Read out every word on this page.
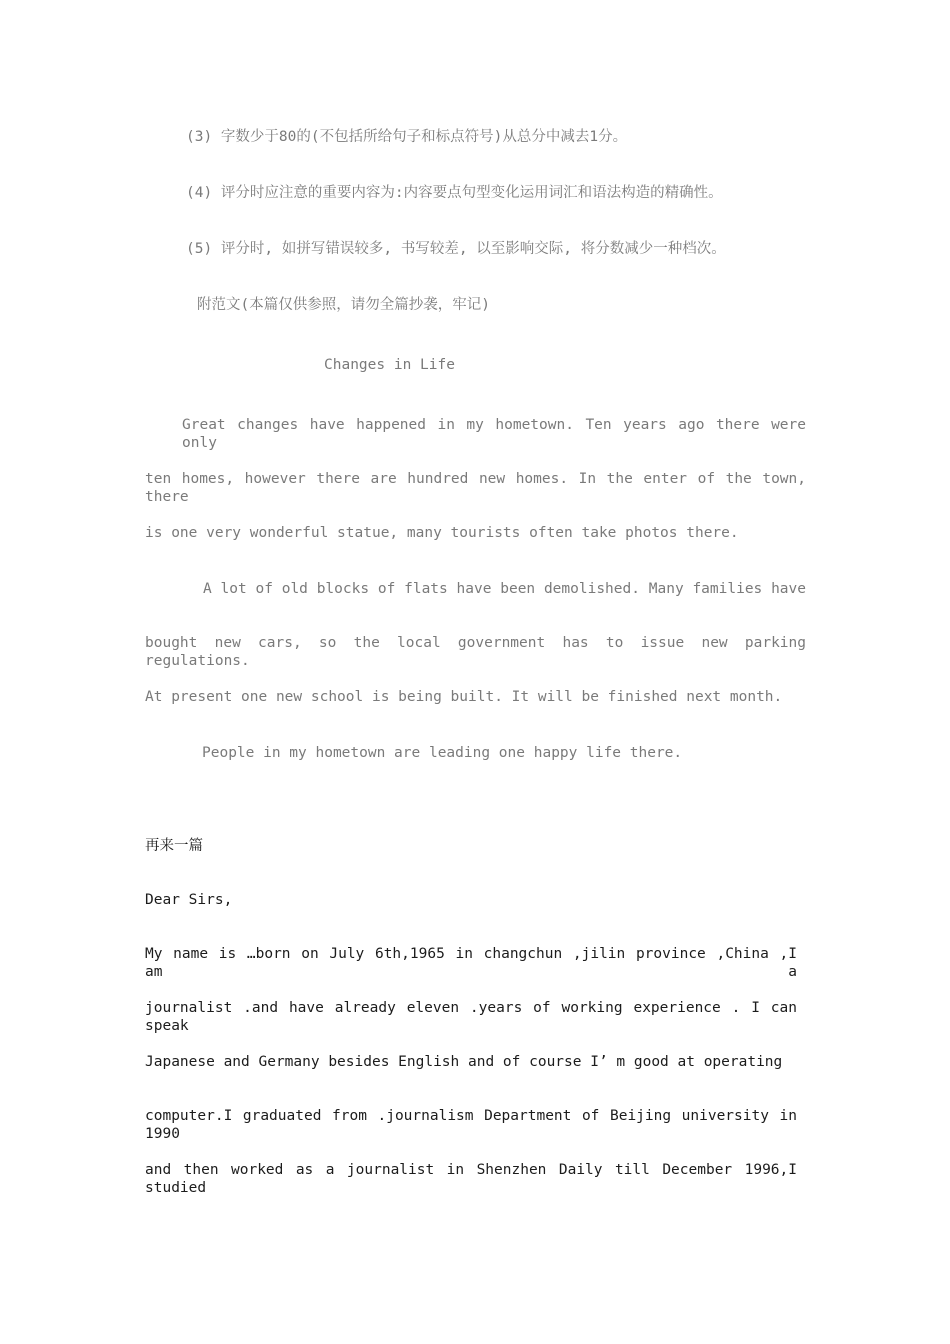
(3) 字数少于80的(不包括所给句子和标点符号)从总分中减去1分。
(4) 评分时应注意的重要内容为:内容要点句型变化运用词汇和语法构造的精确性。
(5) 评分时, 如拼写错误较多, 书写较差, 以至影响交际, 将分数减少一种档次。
附范文(本篇仅供参照，请勿全篇抄袭，牢记)
Changes in Life
Great changes have happened in my hometown. Ten years ago there were only
ten homes, however there are hundred new homes. In the enter of the town, there
is one very wonderful statue, many tourists often take photos there.
A lot of old blocks of flats have been demolished. Many families have
bought new cars, so the local government has to issue new parking regulations.
At present one new school is being built. It will be finished next month.
People in my hometown are leading one happy life there.
再来一篇
Dear Sirs,
My name is …born on July 6th,1965 in changchun ,jilin province ,China ,I am a
journalist .and have already eleven .years of working experience . I can speak
Japanese and Germany besides English and of course I’ m good at operating
computer.I graduated from .journalism Department of Beijing university in 1990
and then worked as a journalist in Shenzhen Daily till December 1996,I studied
